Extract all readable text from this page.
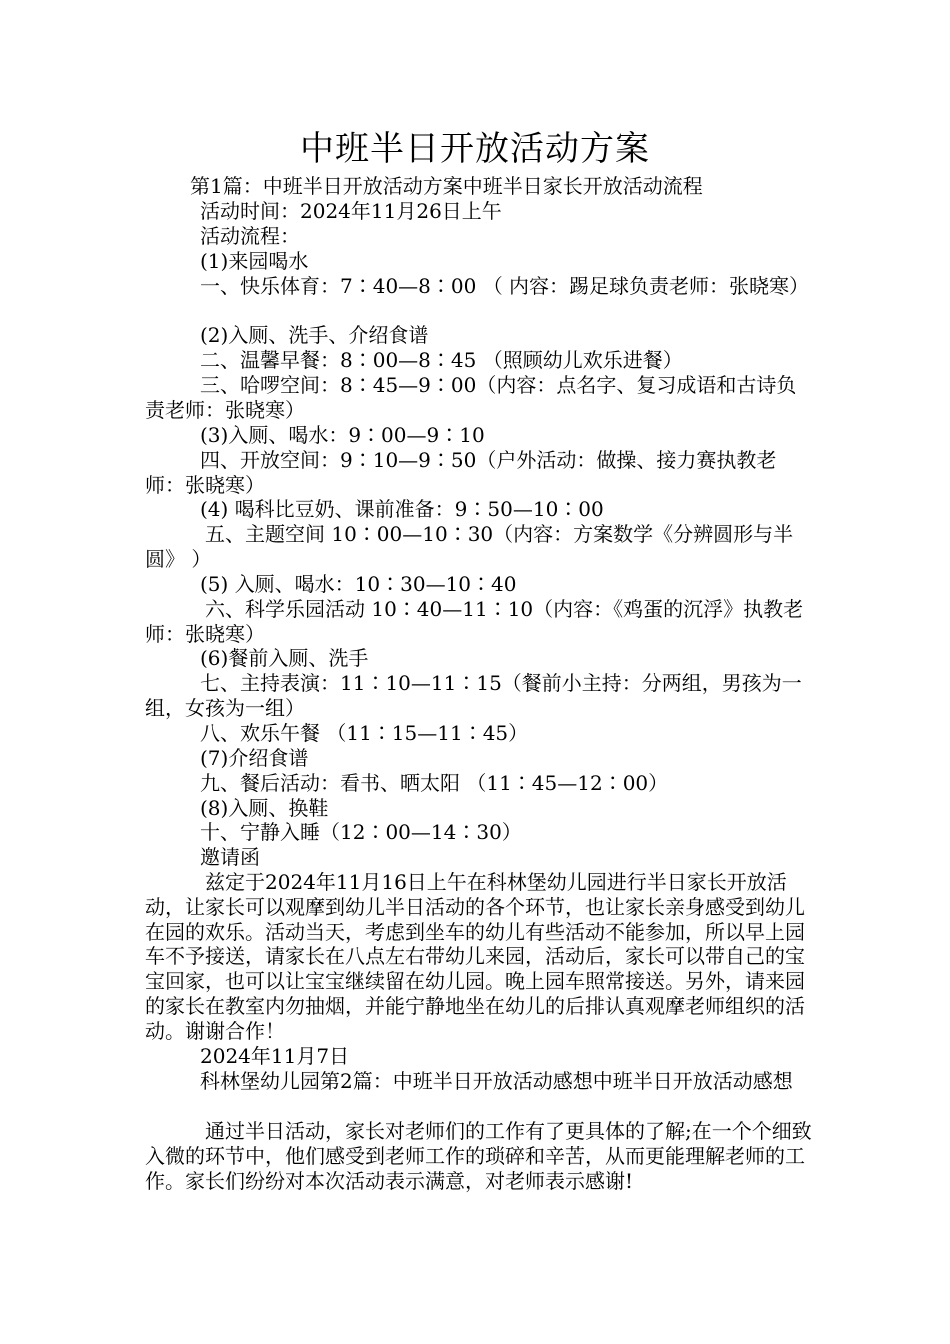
中班半日开放活动方案
第1篇：中班半日开放活动方案中班半日家长开放活动流程
活动时间：2024年11月26日上午
活动流程：
(1)来园喝水
一、快乐体育：7∶40—8∶00 （ 内容：踢足球负责老师：张晓寒）
(2)入厕、洗手、介绍食谱
二、温馨早餐：8∶00—8∶45 （照顾幼儿欢乐进餐）
三、哈啰空间：8∶45—9∶00（内容：点名字、复习成语和古诗负责老师：张晓寒）
(3)入厕、喝水：9∶00—9∶10
四、开放空间：9∶10—9∶50（户外活动：做操、接力赛执教老师：张晓寒）
(4) 喝科比豆奶、课前准备：9∶50—10∶00
五、主题空间 10∶00—10∶30（内容：方案数学《分辨圆形与半圆》 ）
(5) 入厕、喝水：10∶30—10∶40
六、科学乐园活动 10∶40—11∶10（内容：《鸡蛋的沉浮》执教老师：张晓寒）
(6)餐前入厕、洗手
七、主持表演：11∶10—11∶15（餐前小主持：分两组，男孩为一组，女孩为一组）
八、欢乐午餐 （11∶15—11∶45）
(7)介绍食谱
九、餐后活动：看书、晒太阳 （11∶45—12∶00）
(8)入厕、换鞋
十、宁静入睡（12∶00—14∶30）
邀请函
兹定于2024年11月16日上午在科林堡幼儿园进行半日家长开放活动，让家长可以观摩到幼儿半日活动的各个环节，也让家长亲身感受到幼儿在园的欢乐。活动当天，考虑到坐车的幼儿有些活动不能参加，所以早上园车不予接送，请家长在八点左右带幼儿来园，活动后，家长可以带自己的宝宝回家，也可以让宝宝继续留在幼儿园。晚上园车照常接送。另外，请来园的家长在教室内勿抽烟，并能宁静地坐在幼儿的后排认真观摩老师组织的活动。谢谢合作！
2024年11月7日
科林堡幼儿园第2篇：中班半日开放活动感想中班半日开放活动感想
通过半日活动，家长对老师们的工作有了更具体的了解;在一个个细致入微的环节中，他们感受到老师工作的琐碎和辛苦，从而更能理解老师的工作。家长们纷纷对本次活动表示满意，对老师表示感谢!
